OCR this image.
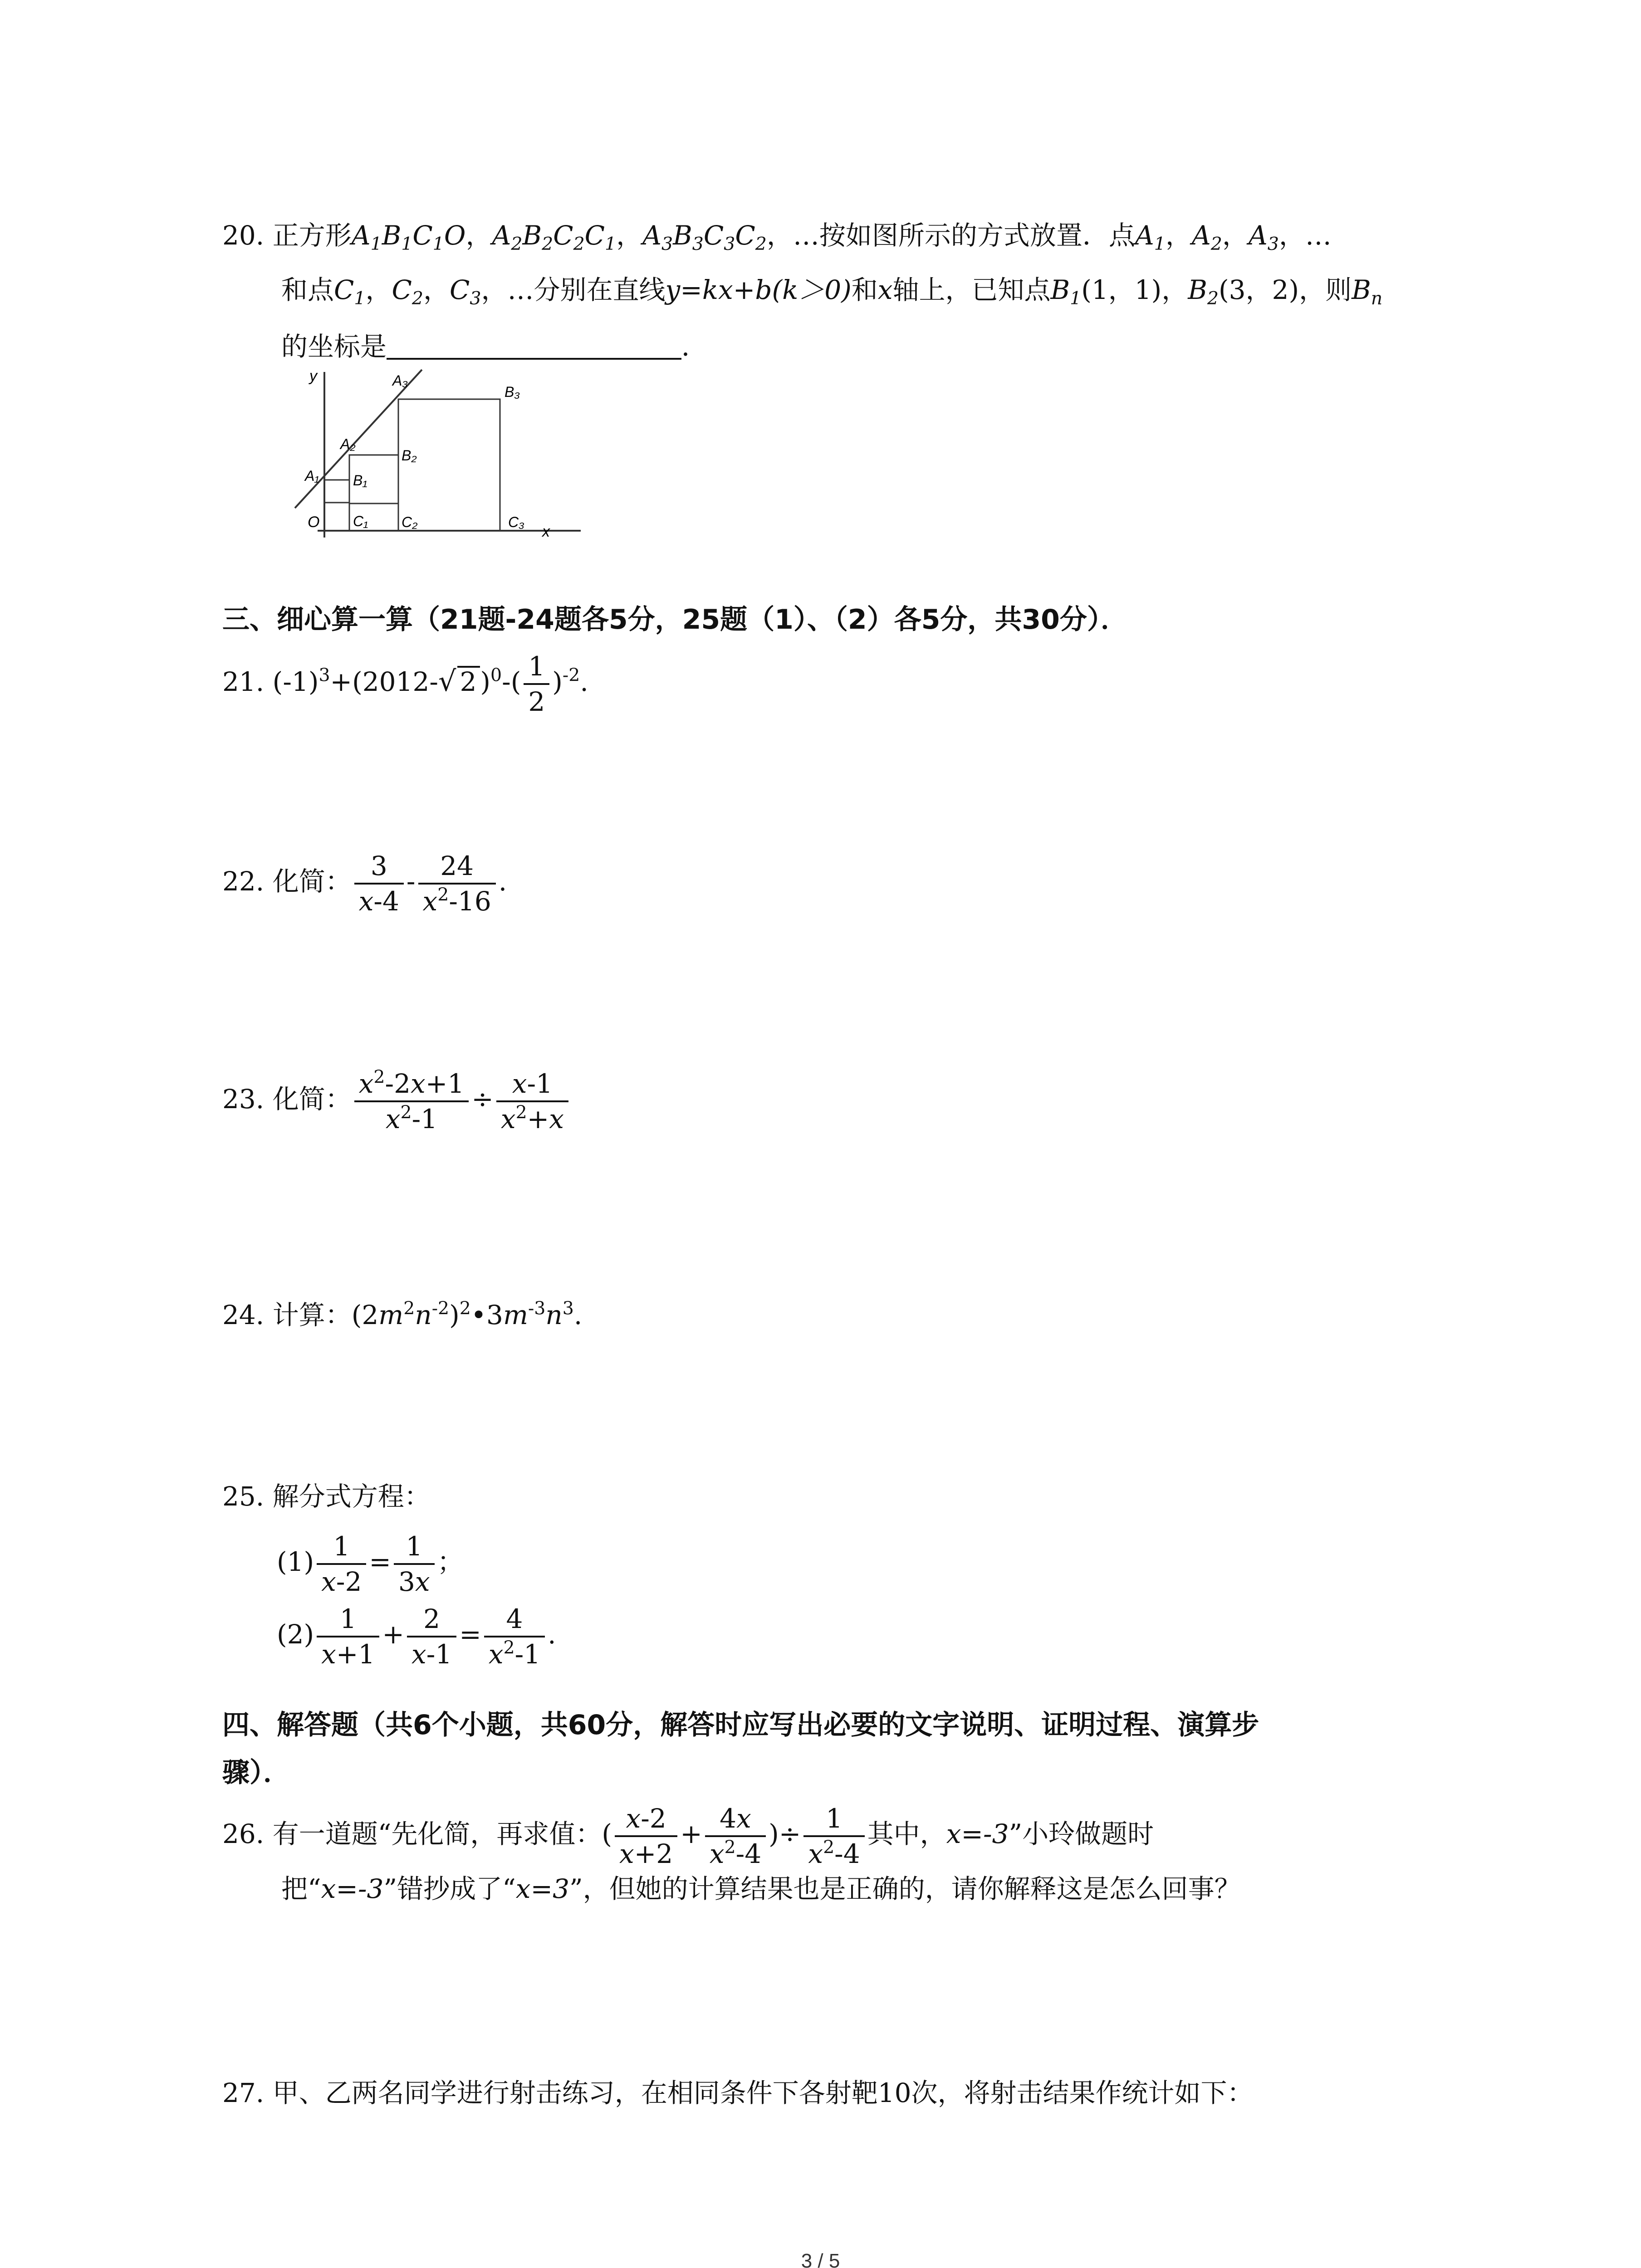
20. 正方形$A_1B_1C_1O$，$A_2B_2C_2C_1$，$A_3B_3C_3C_2$，…按如图所示的方式放置．点$A_1$，$A_2$，$A_3$，…
和点$C_1$，$C_2$，$C_3$，…分别在直线y=kx+b(k＞0)和x轴上，已知点$B_1(1$，1)，$B_2(3$，2)，则$B_n$
的坐标是	．
y
x
O
A₁
A₂
A₃
B₁
B₂
B₃
C₁ C₂	C₃
三、细心算一算（21题-24题各5分，25题（1）、（2）各5分，共30分）．
21. $(-1)^3+(2012-√$ 2 )$^0-( \frac{1}{2} )^{-2}$.
22. 化简： $\frac{3}{x-4} - \frac{24}{x^2-16}$ .
23. 化简： $\frac{x^2-2x+1}{x^2-1} \div \frac{x-1}{x^2+x}$
24. 计算：$(2m^2n^{-2})^2•3m^{-3}n^3$.
25. 解分式方程：
$(1) \frac{1}{x-2} = \frac{1}{3x}$ ；
$(2) \frac{1}{x+1} + \frac{2}{x-1} = \frac{4}{x^2-1}$ .
四、解答题（共6个小题，共60分，解答时应写出必要的文字说明、证明过程、演算步
骤）．
26. 有一道题“先化简，再求值：( $\frac{x-2}{x+2} + \frac{4x}{x^2-4}$ )÷ $\frac{1}{x^2-4}$ 其中，x=-3”小玲做题时
把“x=-3”错抄成了“x=3”，但她的计算结果也是正确的，请你解释这是怎么回事？
27. 甲、乙两名同学进行射击练习，在相同条件下各射靶10次，将射击结果作统计如下：
3 / 5
